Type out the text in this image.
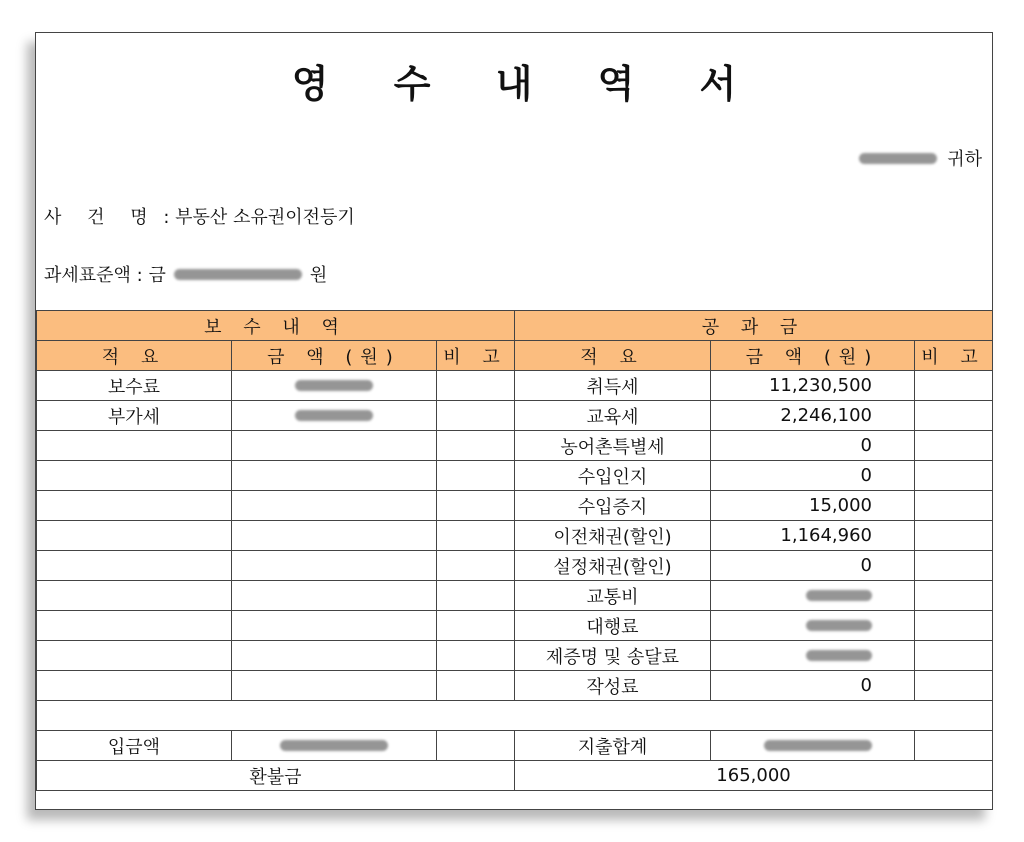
영 수 내 역 서
귀하
사 건 명 : 부동산 소유권이전등기
과세표준액 : 금	원
보 수 내 역			공 과 금		
적 요	금 액 (원)	비 고	적 요	금 액 (원)	비 고
보수료			취득세	11,230,500	
부가세			교육세	2,246,100	
			농어촌특별세	0	
			수입인지	0	
			수입증지	15,000	
			이전채권(할인)	1,164,960	
			설정채권(할인)	0	
			교통비		
			대행료		
			제증명 및 송달료		
			작성료	0	

입금액			지출합계		
환불금			165,000		
